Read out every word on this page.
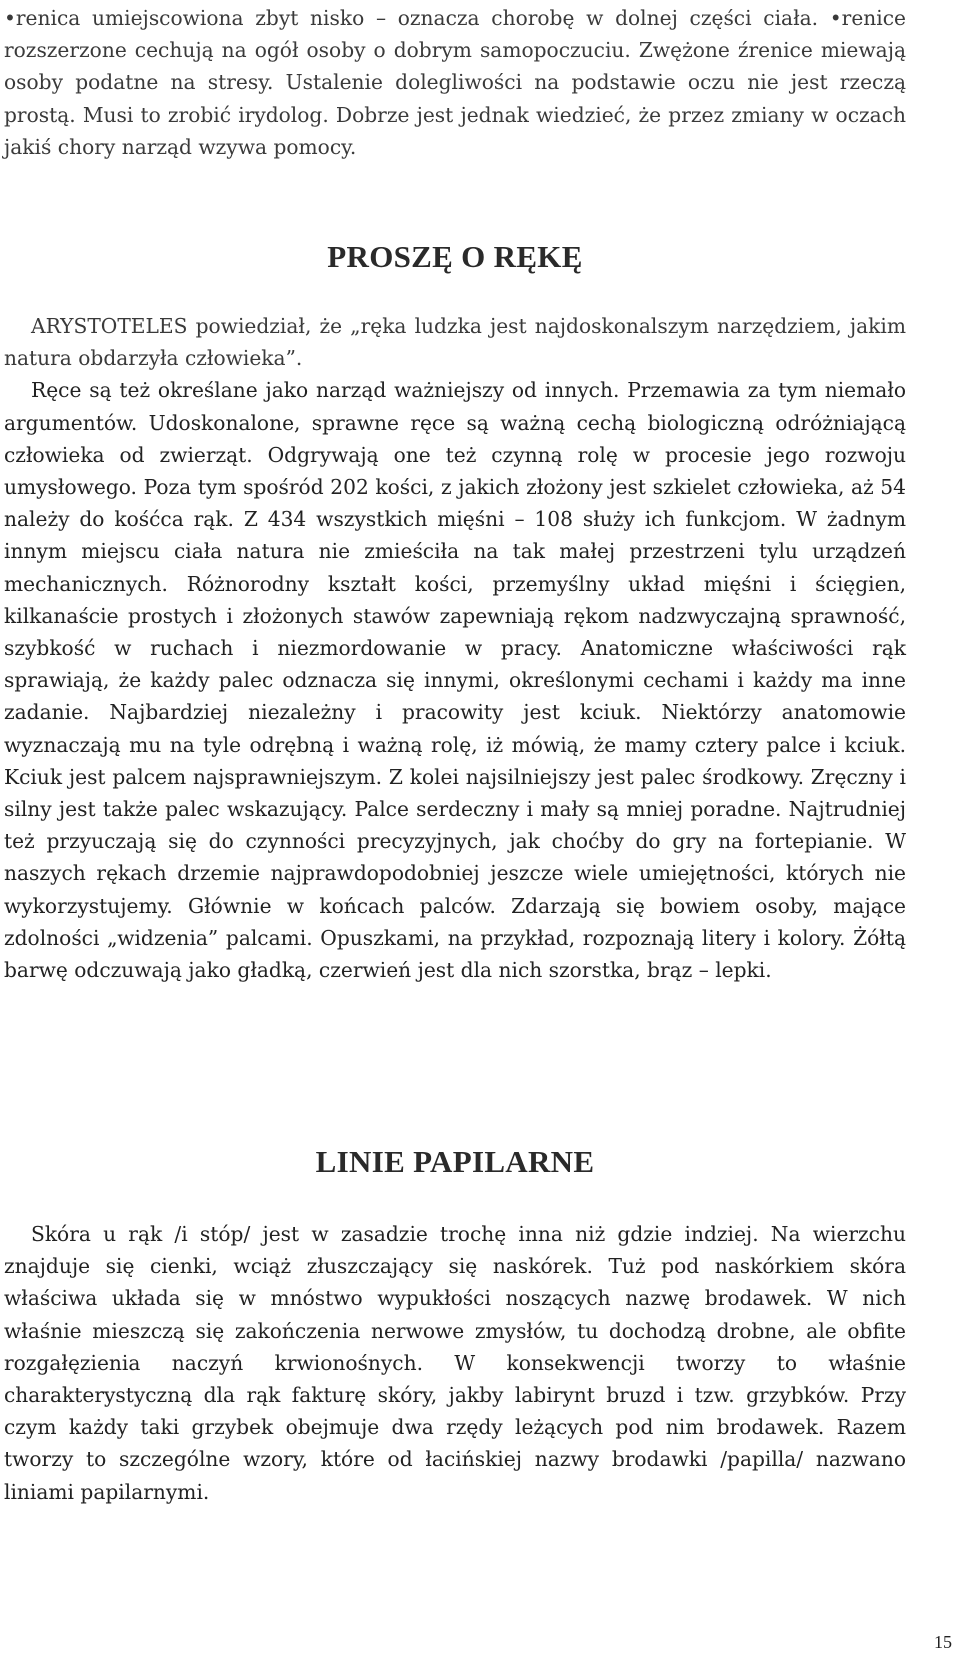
•renica umiejscowiona zbyt nisko – oznacza chorobę w dolnej części ciała. •renice rozszerzone cechują na ogół osoby o dobrym samopoczuciu. Zwężone źrenice miewają osoby podatne na stresy. Ustalenie dolegliwości na podstawie oczu nie jest rzeczą prostą. Musi to zrobić irydolog. Dobrze jest jednak wiedzieć, że przez zmiany w oczach jakiś chory narząd wzywa pomocy.

PROSZĘ O RĘKĘ

ARYSTOTELES powiedział, że „ręka ludzka jest najdoskonalszym narzędziem, jakim natura obdarzyła człowieka”.

Ręce są też określane jako narząd ważniejszy od innych. Przemawia za tym niemało argumentów. Udoskonalone, sprawne ręce są ważną cechą biologiczną odróżniającą człowieka od zwierząt. Odgrywają one też czynną rolę w procesie jego rozwoju umysłowego. Poza tym spośród 202 kości, z jakich złożony jest szkielet człowieka, aż 54 należy do kośćca rąk. Z 434 wszystkich mięśni – 108 służy ich funkcjom. W żadnym innym miejscu ciała natura nie zmieściła na tak małej przestrzeni tylu urządzeń mechanicznych. Różnorodny kształt kości, przemyślny układ mięśni i ścięgien, kilkanaście prostych i złożonych stawów zapewniają rękom nadzwyczajną sprawność, szybkość w ruchach i niezmordowanie w pracy. Anatomiczne właściwości rąk sprawiają, że każdy palec odznacza się innymi, określonymi cechami i każdy ma inne zadanie. Najbardziej niezależny i pracowity jest kciuk. Niektórzy anatomowie wyznaczają mu na tyle odrębną i ważną rolę, iż mówią, że mamy cztery palce i kciuk. Kciuk jest palcem najsprawniejszym. Z kolei najsilniejszy jest palec środkowy. Zręczny i silny jest także palec wskazujący. Palce serdeczny i mały są mniej poradne. Najtrudniej też przyuczają się do czynności precyzyjnych, jak choćby do gry na fortepianie. W naszych rękach drzemie najprawdopodobniej jeszcze wiele umiejętności, których nie wykorzystujemy. Głównie w końcach palców. Zdarzają się bowiem osoby, mające zdolności „widzenia” palcami. Opuszkami, na przykład, rozpoznają litery i kolory. Żółtą barwę odczuwają jako gładką, czerwień jest dla nich szorstka, brąz – lepki.

LINIE PAPILARNE

Skóra u rąk /i stóp/ jest w zasadzie trochę inna niż gdzie indziej. Na wierzchu znajduje się cienki, wciąż złuszczający się naskórek. Tuż pod naskórkiem skóra właściwa układa się w mnóstwo wypukłości noszących nazwę brodawek. W nich właśnie mieszczą się zakończenia nerwowe zmysłów, tu dochodzą drobne, ale obfite rozgałęzienia naczyń krwionośnych. W konsekwencji tworzy to właśnie charakterystyczną dla rąk fakturę skóry, jakby labirynt bruzd i tzw. grzybków. Przy czym każdy taki grzybek obejmuje dwa rzędy leżących pod nim brodawek. Razem tworzy to szczególne wzory, które od łacińskiej nazwy brodawki /papilla/ nazwano liniami papilarnymi.

15
